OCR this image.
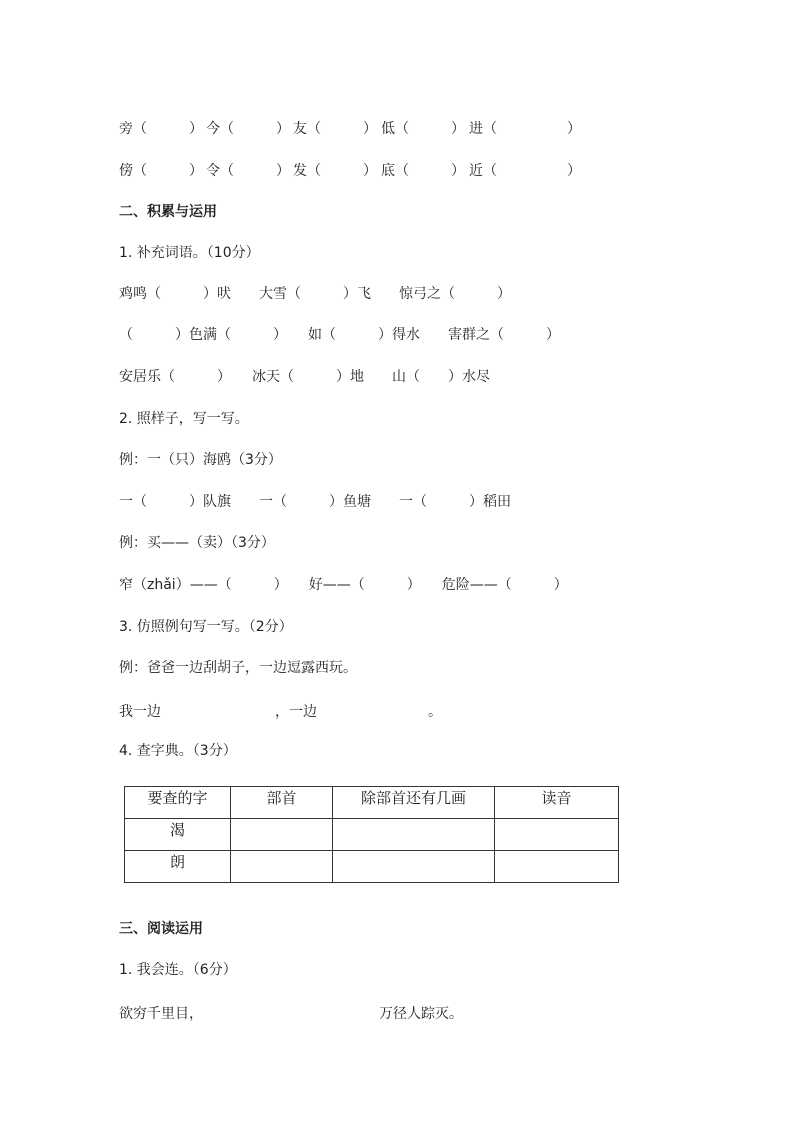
旁（　　　） 今（　　　） 友（　　　） 低（　　　） 进（　　　　　）
傍（　　　） 令（　　　） 发（　　　） 底（　　　） 近（　　　　　）
二、积累与运用
1. 补充词语。（10分）
鸡鸣（　　　）吠　　大雪（　　　）飞　　惊弓之（　　　）
（　　　）色满（　　　）　　如（　　　）得水　　害群之（　　　）
安居乐（　　　）　　冰天（　　　）地　　山（　　）水尽
2. 照样子，写一写。
例：一（只）海鸥（3分）
一（　　　）队旗　　一（　　　）鱼塘　　一（　　　）稻田
例：买——（卖）（3分）
窄（zhǎi）——（　　　）　　好——（　　　）　　危险——（　　　）
3. 仿照例句写一写。（2分）
例：爸爸一边刮胡子，一边逗露西玩。
我一边	，一边	。
4. 查字典。（3分）
要查的字	部首	除部首还有几画	读音
渴			
朗			
三、阅读运用
1. 我会连。（6分）
欲穷千里目，	万径人踪灭。
